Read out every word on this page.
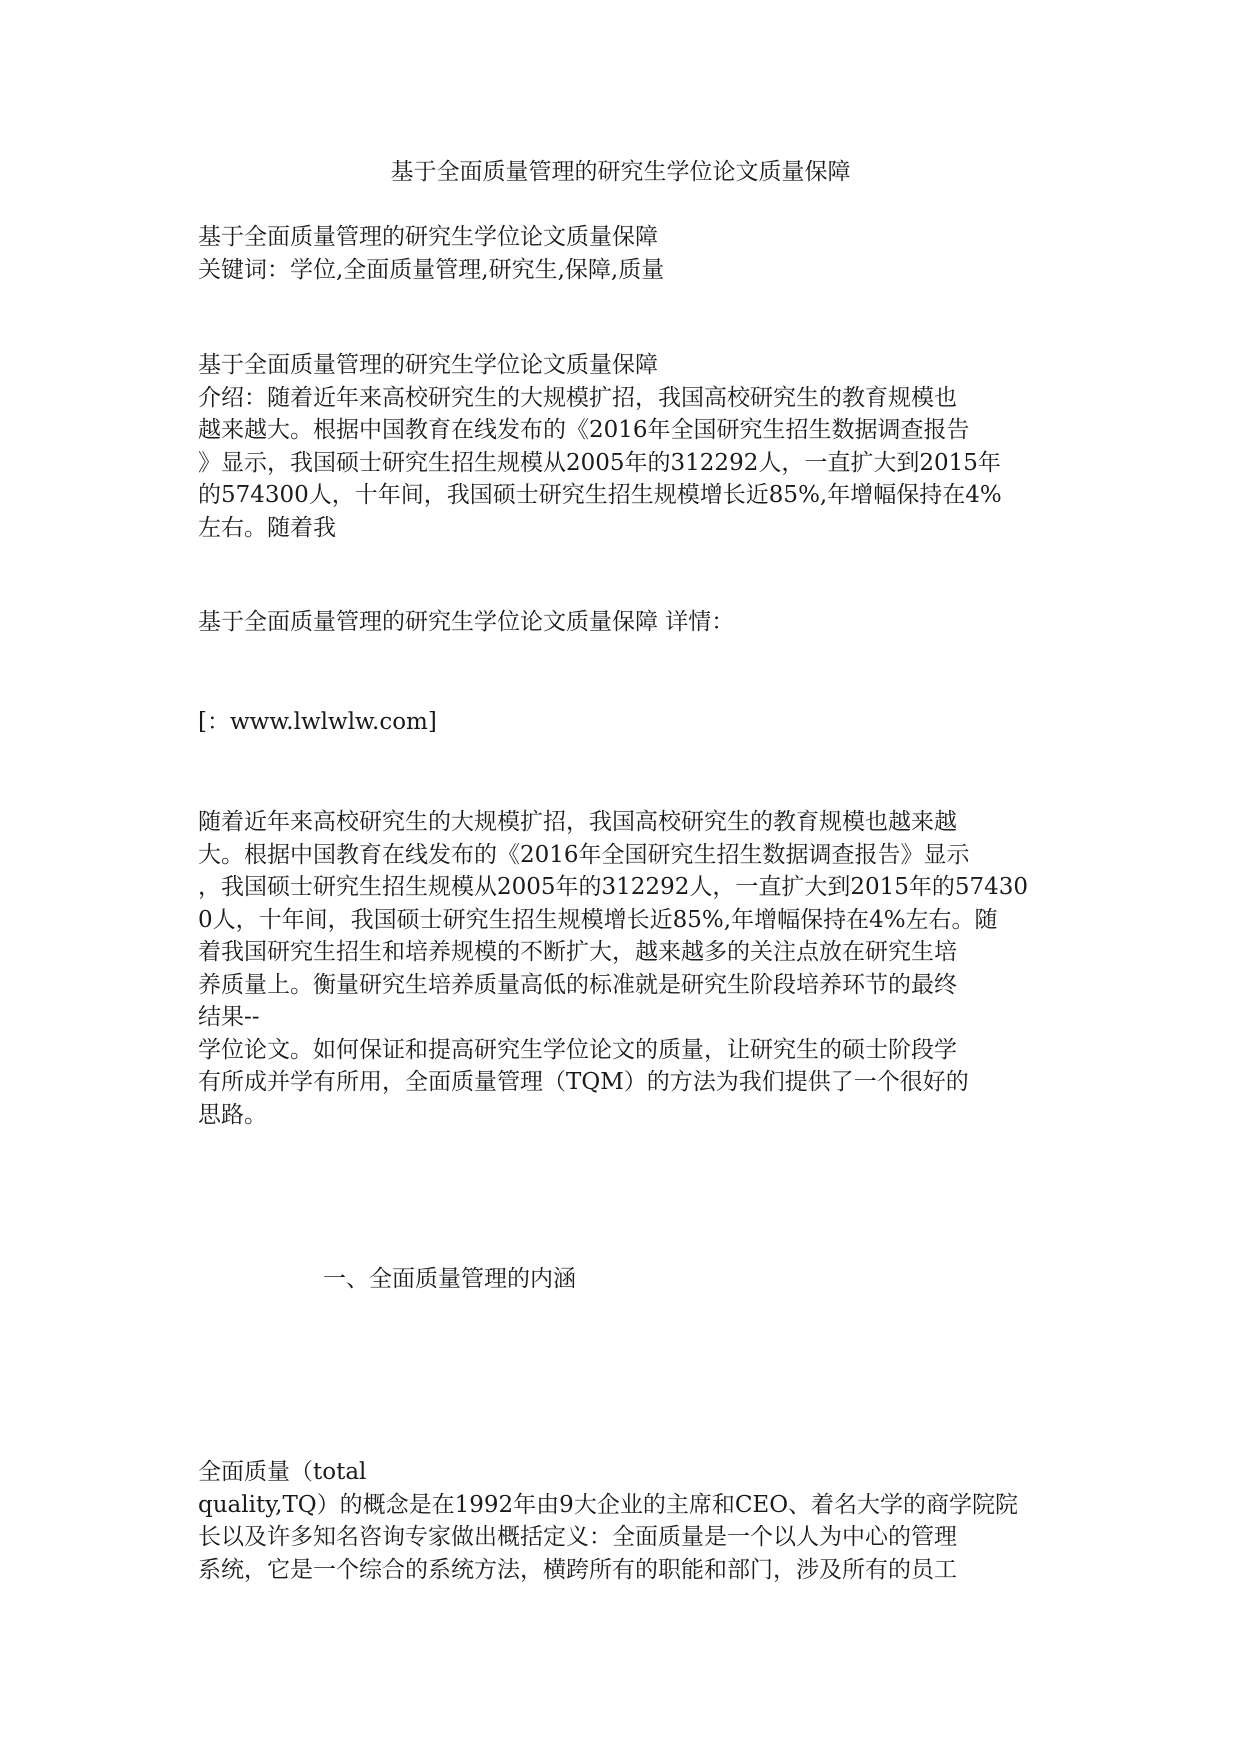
基于全面质量管理的研究生学位论文质量保障
基于全面质量管理的研究生学位论文质量保障
关键词：学位,全面质量管理,研究生,保障,质量
基于全面质量管理的研究生学位论文质量保障
介绍：随着近年来高校研究生的大规模扩招，我国高校研究生的教育规模也
越来越大。根据中国教育在线发布的《2016年全国研究生招生数据调查报告
》显示，我国硕士研究生招生规模从2005年的312292人，一直扩大到2015年
的574300人，十年间，我国硕士研究生招生规模增长近85%,年增幅保持在4%
左右。随着我
基于全面质量管理的研究生学位论文质量保障 详情：
[：www.lwlwlw.com]
随着近年来高校研究生的大规模扩招，我国高校研究生的教育规模也越来越
大。根据中国教育在线发布的《2016年全国研究生招生数据调查报告》显示
，我国硕士研究生招生规模从2005年的312292人，一直扩大到2015年的57430
0人，十年间，我国硕士研究生招生规模增长近85%,年增幅保持在4%左右。随
着我国研究生招生和培养规模的不断扩大，越来越多的关注点放在研究生培
养质量上。衡量研究生培养质量高低的标准就是研究生阶段培养环节的最终
结果--
学位论文。如何保证和提高研究生学位论文的质量，让研究生的硕士阶段学
有所成并学有所用，全面质量管理（TQM）的方法为我们提供了一个很好的
思路。
一、全面质量管理的内涵
全面质量（total
quality,TQ）的概念是在1992年由9大企业的主席和CEO、着名大学的商学院院
长以及许多知名咨询专家做出概括定义：全面质量是一个以人为中心的管理
系统，它是一个综合的系统方法，横跨所有的职能和部门，涉及所有的员工
